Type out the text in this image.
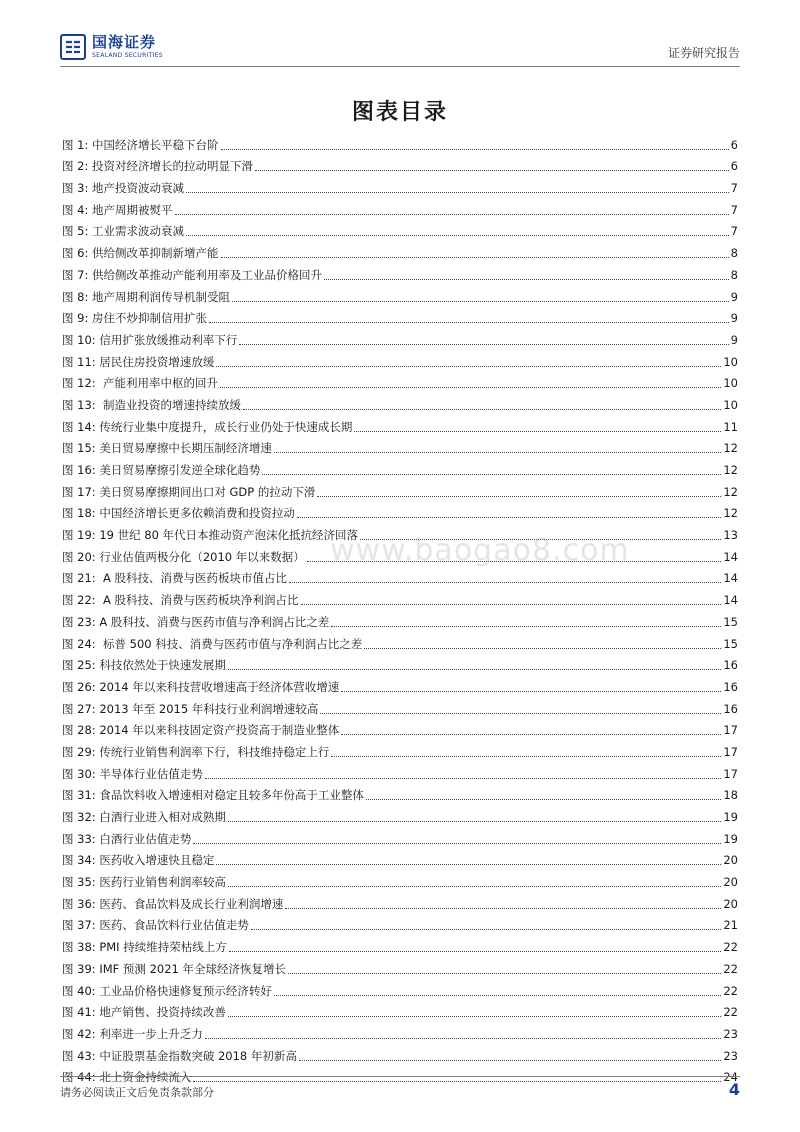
国海证券
SEALAND SECURITIES	证券研究报告
图表目录
图 1: 中国经济增长平稳下台阶	6
图 2: 投资对经济增长的拉动明显下滑	6
图 3: 地产投资波动衰减	7
图 4: 地产周期被熨平	7
图 5: 工业需求波动衰减	7
图 6: 供给侧改革抑制新增产能	8
图 7: 供给侧改革推动产能利用率及工业品价格回升	8
图 8: 地产周期利润传导机制受阻	9
图 9: 房住不炒抑制信用扩张	9
图 10: 信用扩张放缓推动利率下行	9
图 11: 居民住房投资增速放缓	10
图 12: 产能利用率中枢的回升	10
图 13: 制造业投资的增速持续放缓	10
图 14: 传统行业集中度提升，成长行业仍处于快速成长期	11
图 15: 美日贸易摩擦中长期压制经济增速	12
图 16: 美日贸易摩擦引发逆全球化趋势	12
图 17: 美日贸易摩擦期间出口对 GDP 的拉动下滑	12
图 18: 中国经济增长更多依赖消费和投资拉动	12
图 19: 19 世纪 80 年代日本推动资产泡沫化抵抗经济回落	13
图 20: 行业估值两极分化（2010 年以来数据）	14
图 21: A 股科技、消费与医药板块市值占比	14
图 22: A 股科技、消费与医药板块净利润占比	14
图 23: A 股科技、消费与医药市值与净利润占比之差	15
图 24: 标普 500 科技、消费与医药市值与净利润占比之差	15
图 25: 科技依然处于快速发展期	16
图 26: 2014 年以来科技营收增速高于经济体营收增速	16
图 27: 2013 年至 2015 年科技行业利润增速较高	16
图 28: 2014 年以来科技固定资产投资高于制造业整体	17
图 29: 传统行业销售利润率下行，科技维持稳定上行	17
图 30: 半导体行业估值走势	17
图 31: 食品饮料收入增速相对稳定且较多年份高于工业整体	18
图 32: 白酒行业进入相对成熟期	19
图 33: 白酒行业估值走势	19
图 34: 医药收入增速快且稳定	20
图 35: 医药行业销售利润率较高	20
图 36: 医药、食品饮料及成长行业利润增速	20
图 37: 医药、食品饮料行业估值走势	21
图 38: PMI 持续维持荣枯线上方	22
图 39: IMF 预测 2021 年全球经济恢复增长	22
图 40: 工业品价格快速修复预示经济转好	22
图 41: 地产销售、投资持续改善	22
图 42: 利率进一步上升乏力	23
图 43: 中证股票基金指数突破 2018 年初新高	23
图 44: 北上资金持续流入	24
www.baogao8.com
请务必阅读正文后免责条款部分	4
